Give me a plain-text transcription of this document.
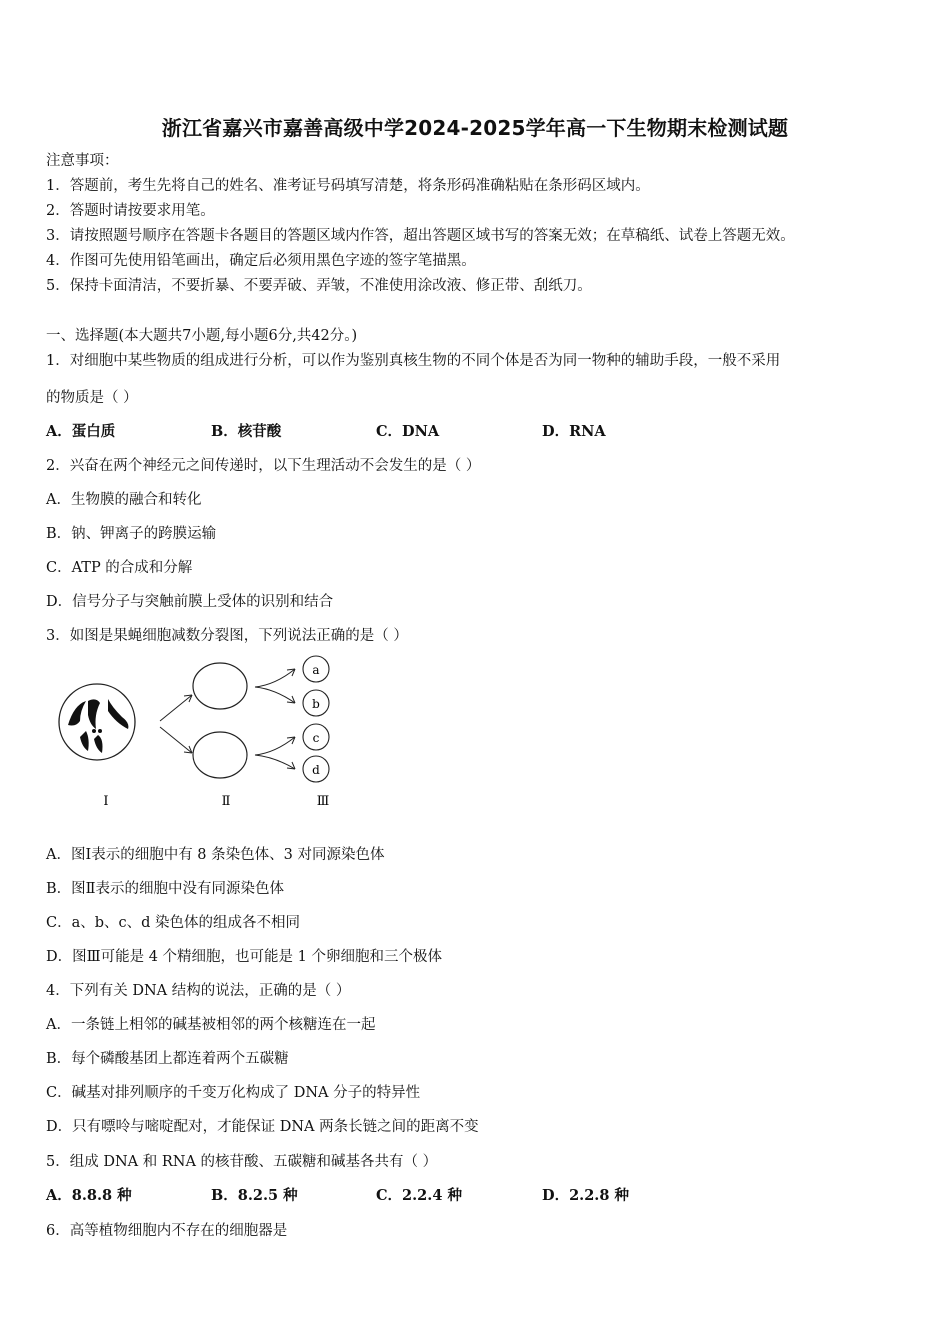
浙江省嘉兴市嘉善高级中学2024-2025学年高一下生物期末检测试题
注意事项：
1．答题前，考生先将自己的姓名、准考证号码填写清楚，将条形码准确粘贴在条形码区域内。
2．答题时请按要求用笔。
3．请按照题号顺序在答题卡各题目的答题区域内作答，超出答题区域书写的答案无效；在草稿纸、试卷上答题无效。
4．作图可先使用铅笔画出，确定后必须用黑色字迹的签字笔描黑。
5．保持卡面清洁，不要折暴、不要弄破、弄皱，不准使用涂改液、修正带、刮纸刀。
一、选择题(本大题共7小题,每小题6分,共42分。)
1．对细胞中某些物质的组成进行分析，可以作为鉴别真核生物的不同个体是否为同一物种的辅助手段，一般不采用
的物质是（ ）
A．蛋白质	B．核苷酸	C．DNA	D．RNA
2．兴奋在两个神经元之间传递时，以下生理活动不会发生的是（ ）
A．生物膜的融合和转化
B．钠、钾离子的跨膜运输
C．ATP 的合成和分解
D．信号分子与突触前膜上受体的识别和结合
3．如图是果蝇细胞减数分裂图，下列说法正确的是（ ）
a
b
c
d
Ⅰ	Ⅱ	Ⅲ
A．图Ⅰ表示的细胞中有 8 条染色体、3 对同源染色体
B．图Ⅱ表示的细胞中没有同源染色体
C．a、b、c、d 染色体的组成各不相同
D．图Ⅲ可能是 4 个精细胞，也可能是 1 个卵细胞和三个极体
4．下列有关 DNA 结构的说法，正确的是（ ）
A．一条链上相邻的碱基被相邻的两个核糖连在一起
B．每个磷酸基团上都连着两个五碳糖
C．碱基对排列顺序的千变万化构成了 DNA 分子的特异性
D．只有嘌呤与嘧啶配对，才能保证 DNA 两条长链之间的距离不变
5．组成 DNA 和 RNA 的核苷酸、五碳糖和碱基各共有（ ）
A．8.8.8 种	B．8.2.5 种	C．2.2.4 种	D．2.2.8 种
6．高等植物细胞内不存在的细胞器是
